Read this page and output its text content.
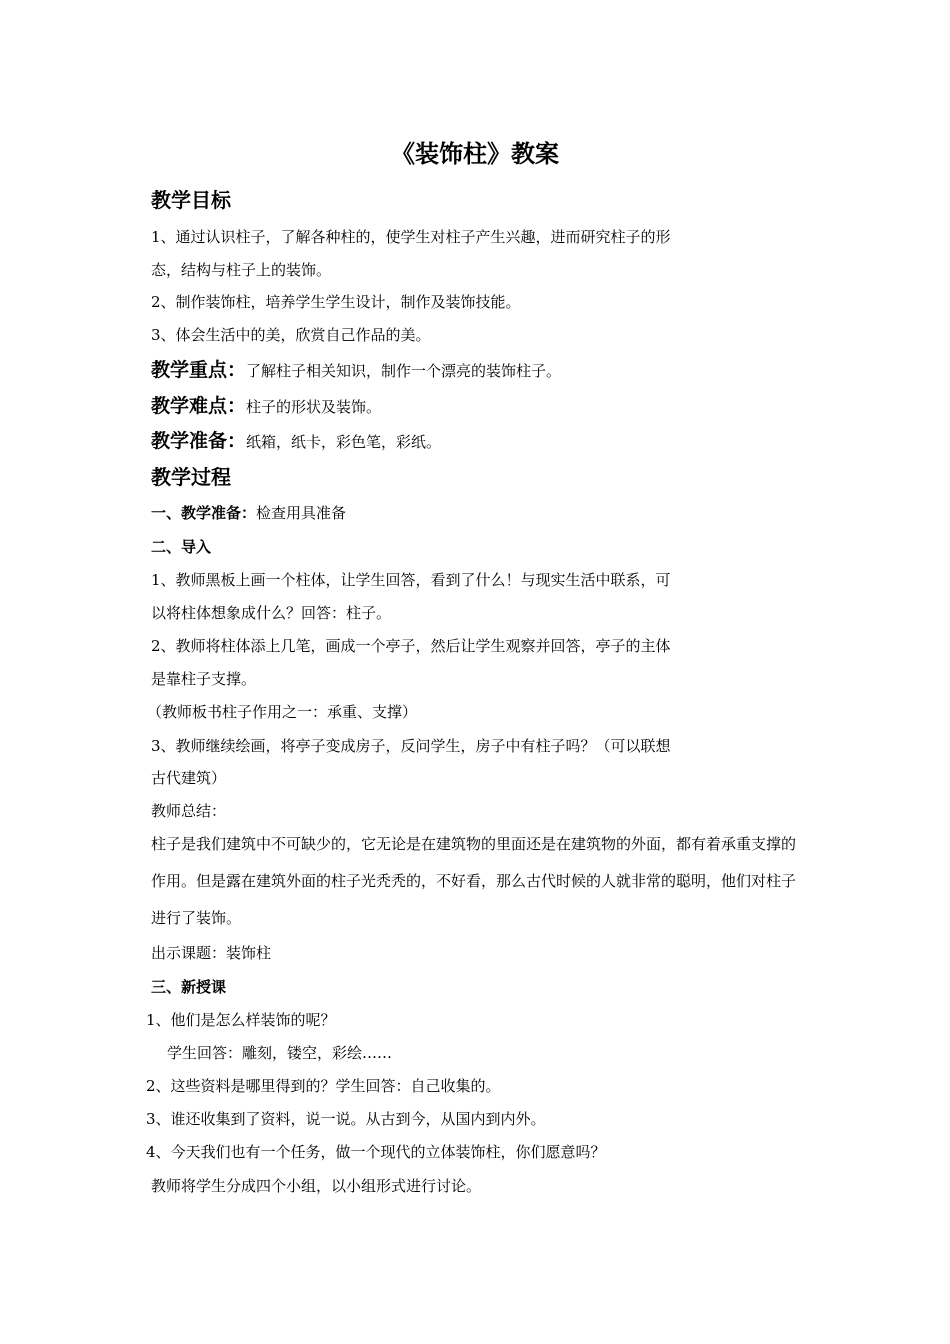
《装饰柱》教案
教学目标
1、通过认识柱子，了解各种柱的，使学生对柱子产生兴趣，进而研究柱子的形
态，结构与柱子上的装饰。
2、制作装饰柱，培养学生学生设计，制作及装饰技能。
3、体会生活中的美，欣赏自己作品的美。
教学重点：了解柱子相关知识，制作一个漂亮的装饰柱子。
教学难点：柱子的形状及装饰。
教学准备：纸箱，纸卡，彩色笔，彩纸。
教学过程
一、教学准备：检查用具准备
二、导入
1、教师黑板上画一个柱体，让学生回答，看到了什么！与现实生活中联系，可
以将柱体想象成什么？回答：柱子。
2、教师将柱体添上几笔，画成一个亭子，然后让学生观察并回答，亭子的主体
是靠柱子支撑。
（教师板书柱子作用之一：承重、支撑）
3、教师继续绘画，将亭子变成房子，反问学生，房子中有柱子吗？（可以联想
古代建筑）
教师总结：
柱子是我们建筑中不可缺少的，它无论是在建筑物的里面还是在建筑物的外面，都有着承重支撑的作用。但是露在建筑外面的柱子光秃秃的，不好看，那么古代时候的人就非常的聪明，他们对柱子进行了装饰。
出示课题：装饰柱
三、新授课
1、他们是怎么样装饰的呢？
学生回答：雕刻，镂空，彩绘……
2、这些资料是哪里得到的？学生回答：自己收集的。
3、谁还收集到了资料，说一说。从古到今，从国内到内外。
4、今天我们也有一个任务，做一个现代的立体装饰柱，你们愿意吗？
教师将学生分成四个小组，以小组形式进行讨论。
